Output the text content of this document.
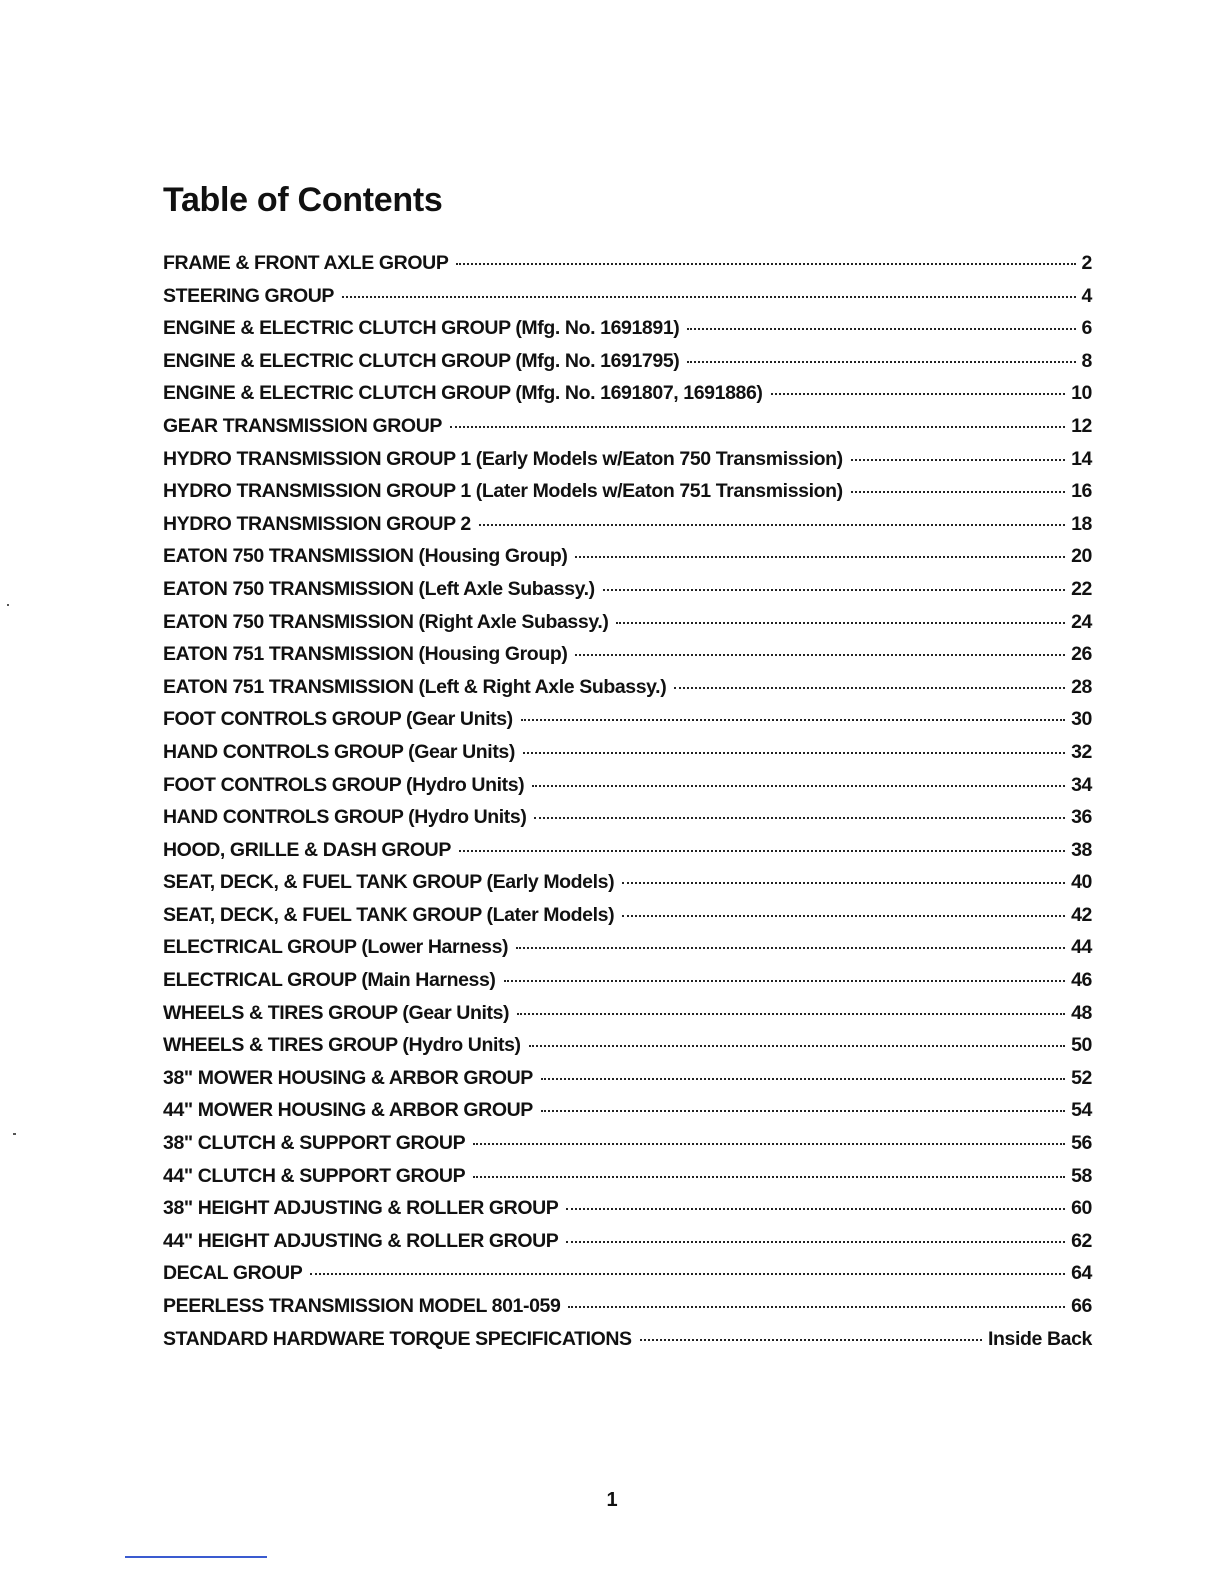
Table of Contents
FRAME & FRONT AXLE GROUP	2
STEERING GROUP	4
ENGINE & ELECTRIC CLUTCH GROUP (Mfg. No. 1691891)	6
ENGINE & ELECTRIC CLUTCH GROUP (Mfg. No. 1691795)	8
ENGINE & ELECTRIC CLUTCH GROUP (Mfg. No. 1691807, 1691886)	10
GEAR TRANSMISSION GROUP	12
HYDRO TRANSMISSION GROUP 1 (Early Models w/Eaton 750 Transmission)	14
HYDRO TRANSMISSION GROUP 1 (Later Models w/Eaton 751 Transmission)	16
HYDRO TRANSMISSION GROUP 2	18
EATON 750 TRANSMISSION (Housing Group)	20
EATON 750 TRANSMISSION (Left Axle Subassy.)	22
EATON 750 TRANSMISSION (Right Axle Subassy.)	24
EATON 751 TRANSMISSION (Housing Group)	26
EATON 751 TRANSMISSION (Left & Right Axle Subassy.)	28
FOOT CONTROLS GROUP (Gear Units)	30
HAND CONTROLS GROUP (Gear Units)	32
FOOT CONTROLS GROUP (Hydro Units)	34
HAND CONTROLS GROUP (Hydro Units)	36
HOOD, GRILLE & DASH GROUP	38
SEAT, DECK, & FUEL TANK GROUP (Early Models)	40
SEAT, DECK, & FUEL TANK GROUP (Later Models)	42
ELECTRICAL GROUP (Lower Harness)	44
ELECTRICAL GROUP (Main Harness)	46
WHEELS & TIRES GROUP (Gear Units)	48
WHEELS & TIRES GROUP (Hydro Units)	50
38" MOWER HOUSING & ARBOR GROUP	52
44" MOWER HOUSING & ARBOR GROUP	54
38" CLUTCH & SUPPORT GROUP	56
44" CLUTCH & SUPPORT GROUP	58
38" HEIGHT ADJUSTING & ROLLER GROUP	60
44" HEIGHT ADJUSTING & ROLLER GROUP	62
DECAL GROUP	64
PEERLESS TRANSMISSION MODEL 801-059	66
STANDARD HARDWARE TORQUE SPECIFICATIONS	Inside Back
1
